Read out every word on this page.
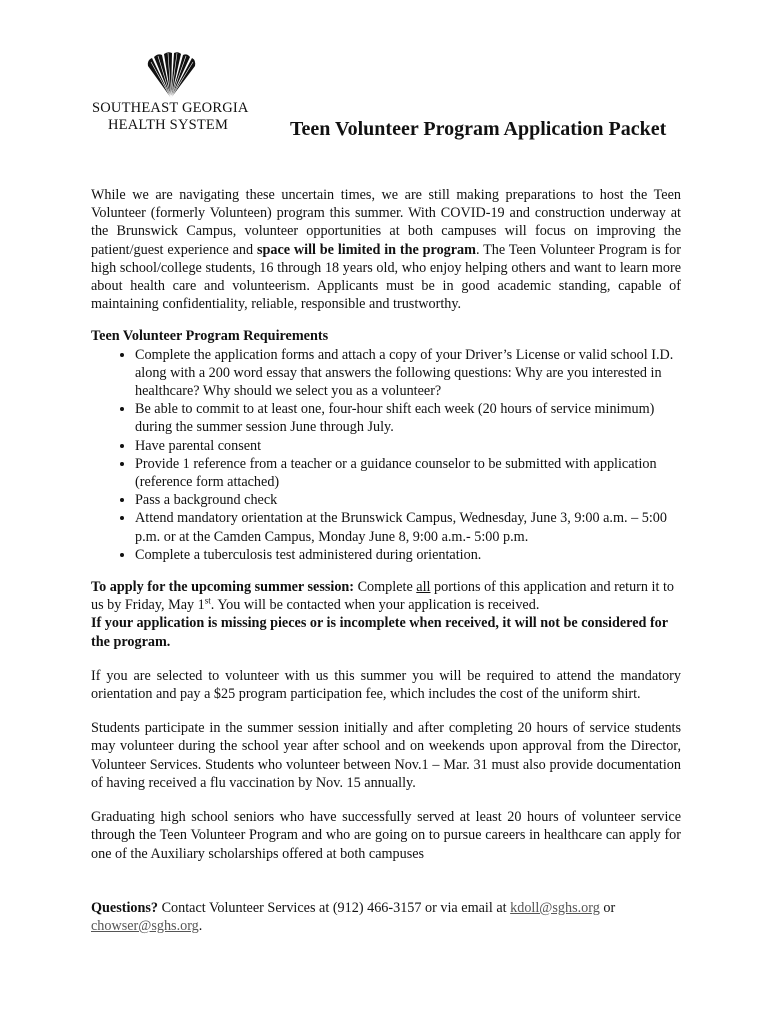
SOUTHEAST GEORGIA
HEALTH SYSTEM	Teen Volunteer Program Application Packet

While we are navigating these uncertain times, we are still making preparations to host the Teen Volunteer (formerly Volunteen) program this summer. With COVID-19 and construction underway at the Brunswick Campus, volunteer opportunities at both campuses will focus on improving the patient/guest experience and space will be limited in the program. The Teen Volunteer Program is for high school/college students, 16 through 18 years old, who enjoy helping others and want to learn more about health care and volunteerism. Applicants must be in good academic standing, capable of maintaining confidentiality, reliable, responsible and trustworthy.

Teen Volunteer Program Requirements

• Complete the application forms and attach a copy of your Driver’s License or valid school I.D. along with a 200 word essay that answers the following questions: Why are you interested in healthcare? Why should we select you as a volunteer?
• Be able to commit to at least one, four-hour shift each week (20 hours of service minimum) during the summer session June through July.
• Have parental consent
• Provide 1 reference from a teacher or a guidance counselor to be submitted with application (reference form attached)
• Pass a background check
• Attend mandatory orientation at the Brunswick Campus, Wednesday, June 3, 9:00 a.m. – 5:00 p.m. or at the Camden Campus, Monday June 8, 9:00 a.m.- 5:00 p.m.
• Complete a tuberculosis test administered during orientation.

To apply for the upcoming summer session: Complete all portions of this application and return it to us by Friday, May 1st. You will be contacted when your application is received.
If your application is missing pieces or is incomplete when received, it will not be considered for the program.

If you are selected to volunteer with us this summer you will be required to attend the mandatory orientation and pay a $25 program participation fee, which includes the cost of the uniform shirt.

Students participate in the summer session initially and after completing 20 hours of service students may volunteer during the school year after school and on weekends upon approval from the Director, Volunteer Services. Students who volunteer between Nov.1 – Mar. 31 must also provide documentation of having received a flu vaccination by Nov. 15 annually.

Graduating high school seniors who have successfully served at least 20 hours of volunteer service through the Teen Volunteer Program and who are going on to pursue careers in healthcare can apply for one of the Auxiliary scholarships offered at both campuses

Questions? Contact Volunteer Services at (912) 466-3157 or via email at kdoll@sghs.org or chowser@sghs.org.
